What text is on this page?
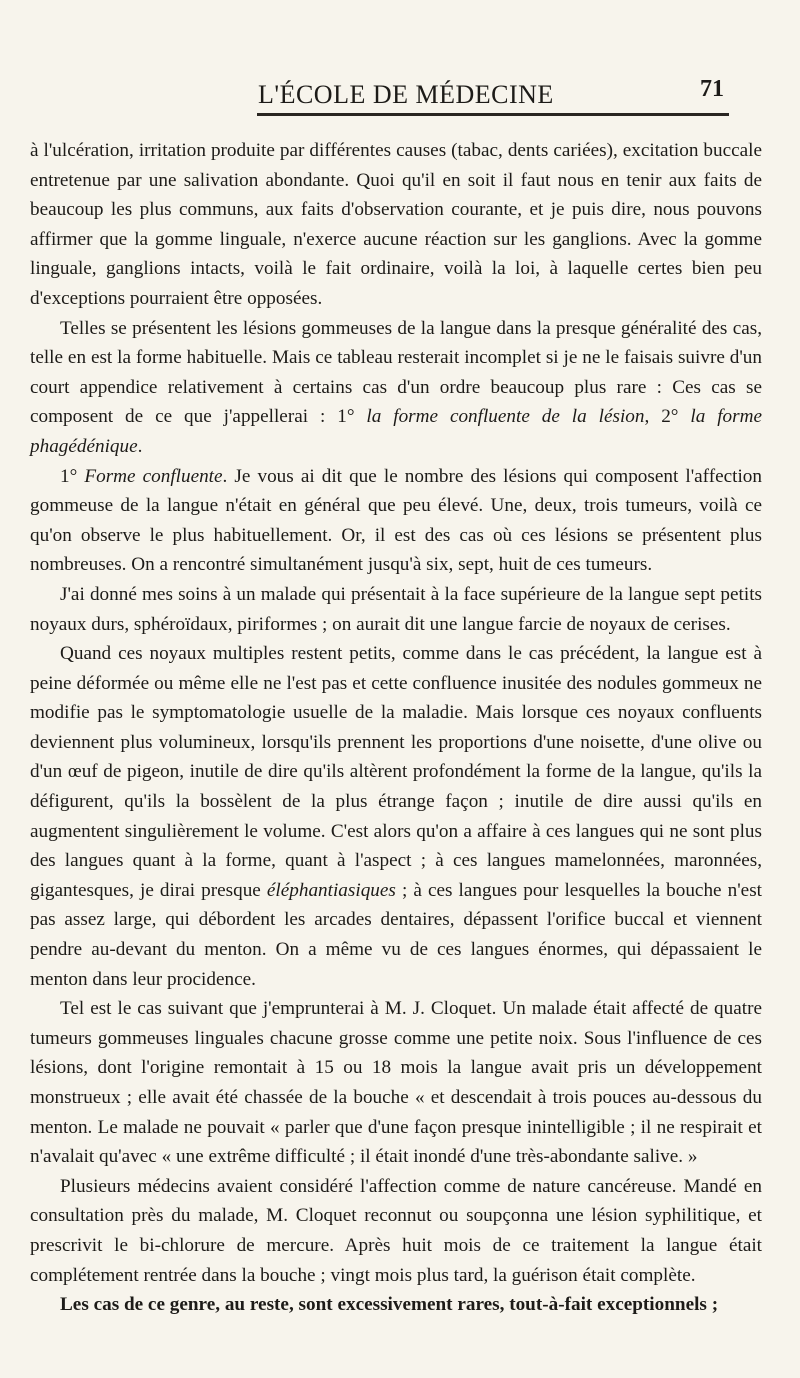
L'ÉCOLE DE MÉDECINE	71

à l'ulcération, irritation produite par différentes causes (tabac, dents cariées), excitation buccale entretenue par une salivation abondante. Quoi qu'il en soit il faut nous en tenir aux faits de beaucoup les plus communs, aux faits d'observation courante, et je puis dire, nous pouvons affirmer que la gomme linguale, n'exerce aucune réaction sur les ganglions. Avec la gomme linguale, ganglions intacts, voilà le fait ordinaire, voilà la loi, à laquelle certes bien peu d'exceptions pourraient être opposées.

Telles se présentent les lésions gommeuses de la langue dans la presque généralité des cas, telle en est la forme habituelle. Mais ce tableau resterait incomplet si je ne le faisais suivre d'un court appendice relativement à certains cas d'un ordre beaucoup plus rare : Ces cas se composent de ce que j'appellerai : 1° la forme confluente de la lésion, 2° la forme phagédénique.

1° Forme confluente. Je vous ai dit que le nombre des lésions qui composent l'affection gommeuse de la langue n'était en général que peu élevé. Une, deux, trois tumeurs, voilà ce qu'on observe le plus habituellement. Or, il est des cas où ces lésions se présentent plus nombreuses. On a rencontré simultanément jusqu'à six, sept, huit de ces tumeurs.

J'ai donné mes soins à un malade qui présentait à la face supérieure de la langue sept petits noyaux durs, sphéroïdaux, piriformes ; on aurait dit une langue farcie de noyaux de cerises.

Quand ces noyaux multiples restent petits, comme dans le cas précédent, la langue est à peine déformée ou même elle ne l'est pas et cette confluence inusitée des nodules gommeux ne modifie pas le symptomatologie usuelle de la maladie. Mais lorsque ces noyaux confluents deviennent plus volumineux, lorsqu'ils prennent les proportions d'une noisette, d'une olive ou d'un œuf de pigeon, inutile de dire qu'ils altèrent profondément la forme de la langue, qu'ils la défigurent, qu'ils la bossèlent de la plus étrange façon ; inutile de dire aussi qu'ils en augmentent singulièrement le volume. C'est alors qu'on a affaire à ces langues qui ne sont plus des langues quant à la forme, quant à l'aspect ; à ces langues mamelonnées, maronnées, gigantesques, je dirai presque éléphantiasiques ; à ces langues pour lesquelles la bouche n'est pas assez large, qui débordent les arcades dentaires, dépassent l'orifice buccal et viennent pendre au-devant du menton. On a même vu de ces langues énormes, qui dépassaient le menton dans leur procidence.

Tel est le cas suivant que j'emprunterai à M. J. Cloquet. Un malade était affecté de quatre tumeurs gommeuses linguales chacune grosse comme une petite noix. Sous l'influence de ces lésions, dont l'origine remontait à 15 ou 18 mois la langue avait pris un développement monstrueux ; elle avait été chassée de la bouche « et descendait à trois pouces au-dessous du menton. Le malade ne pouvait « parler que d'une façon presque inintelligible ; il ne respirait et n'avalait qu'avec « une extrême difficulté ; il était inondé d'une très-abondante salive. »

Plusieurs médecins avaient considéré l'affection comme de nature cancéreuse. Mandé en consultation près du malade, M. Cloquet reconnut ou soupçonna une lésion syphilitique, et prescrivit le bi-chlorure de mercure. Après huit mois de ce traitement la langue était complétement rentrée dans la bouche ; vingt mois plus tard, la guérison était complète.

Les cas de ce genre, au reste, sont excessivement rares, tout-à-fait exceptionnels ;
